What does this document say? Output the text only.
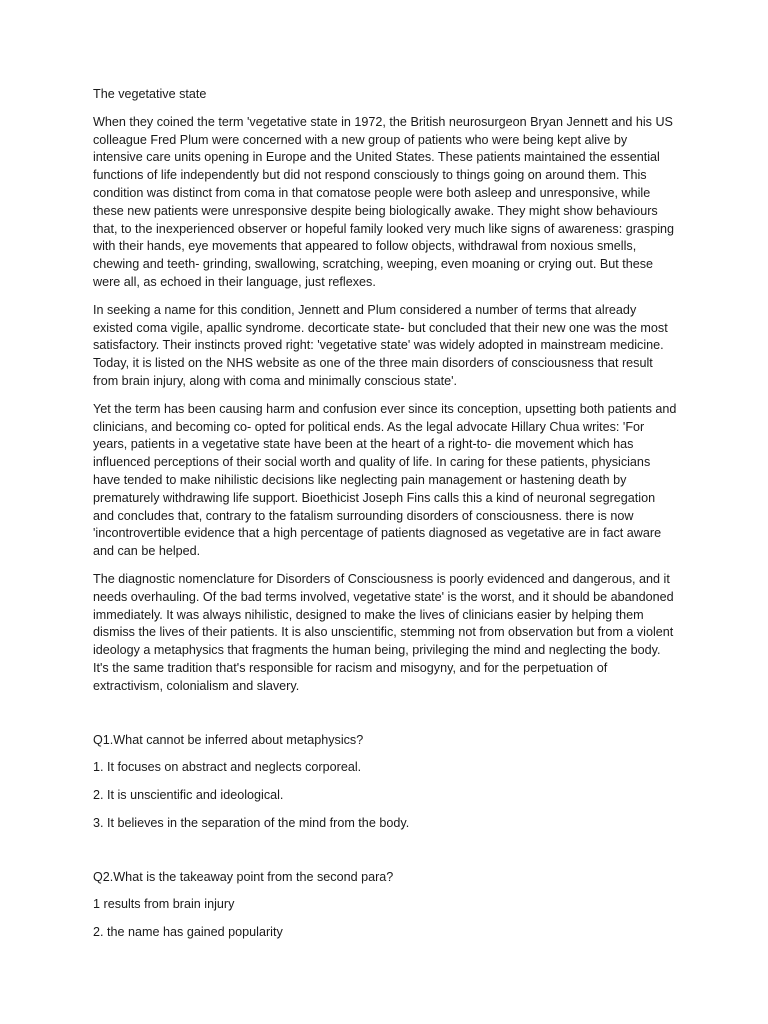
The vegetative state

When they coined the term 'vegetative state in 1972, the British neurosurgeon Bryan Jennett and his US colleague Fred Plum were concerned with a new group of patients who were being kept alive by intensive care units opening in Europe and the United States. These patients maintained the essential functions of life independently but did not respond consciously to things going on around them. This condition was distinct from coma in that comatose people were both asleep and unresponsive, while these new patients were unresponsive despite being biologically awake. They might show behaviours that, to the inexperienced observer or hopeful family looked very much like signs of awareness: grasping with their hands, eye movements that appeared to follow objects, withdrawal from noxious smells, chewing and teeth- grinding, swallowing, scratching, weeping, even moaning or crying out. But these were all, as echoed in their language, just reflexes.

In seeking a name for this condition, Jennett and Plum considered a number of terms that already existed coma vigile, apallic syndrome. decorticate state- but concluded that their new one was the most satisfactory. Their instincts proved right: 'vegetative state' was widely adopted in mainstream medicine. Today, it is listed on the NHS website as one of the three main disorders of consciousness that result from brain injury, along with coma and minimally conscious state'.

Yet the term has been causing harm and confusion ever since its conception, upsetting both patients and clinicians, and becoming co- opted for political ends. As the legal advocate Hillary Chua writes: 'For years, patients in a vegetative state have been at the heart of a right-to- die movement which has influenced perceptions of their social worth and quality of life. In caring for these patients, physicians have tended to make nihilistic decisions like neglecting pain management or hastening death by prematurely withdrawing life support. Bioethicist Joseph Fins calls this a kind of neuronal segregation and concludes that, contrary to the fatalism surrounding disorders of consciousness. there is now 'incontrovertible evidence that a high percentage of patients diagnosed as vegetative are in fact aware and can be helped.

The diagnostic nomenclature for Disorders of Consciousness is poorly evidenced and dangerous, and it needs overhauling. Of the bad terms involved, vegetative state' is the worst, and it should be abandoned immediately. It was always nihilistic, designed to make the lives of clinicians easier by helping them dismiss the lives of their patients. It is also unscientific, stemming not from observation but from a violent ideology a metaphysics that fragments the human being, privileging the mind and neglecting the body. It's the same tradition that's responsible for racism and misogyny, and for the perpetuation of extractivism, colonialism and slavery.

Q1.What cannot be inferred about metaphysics?

1. It focuses on abstract and neglects corporeal.

2. It is unscientific and ideological.

3. It believes in the separation of the mind from the body.

Q2.What is the takeaway point from the second para?

1 results from brain injury

2. the name has gained popularity
